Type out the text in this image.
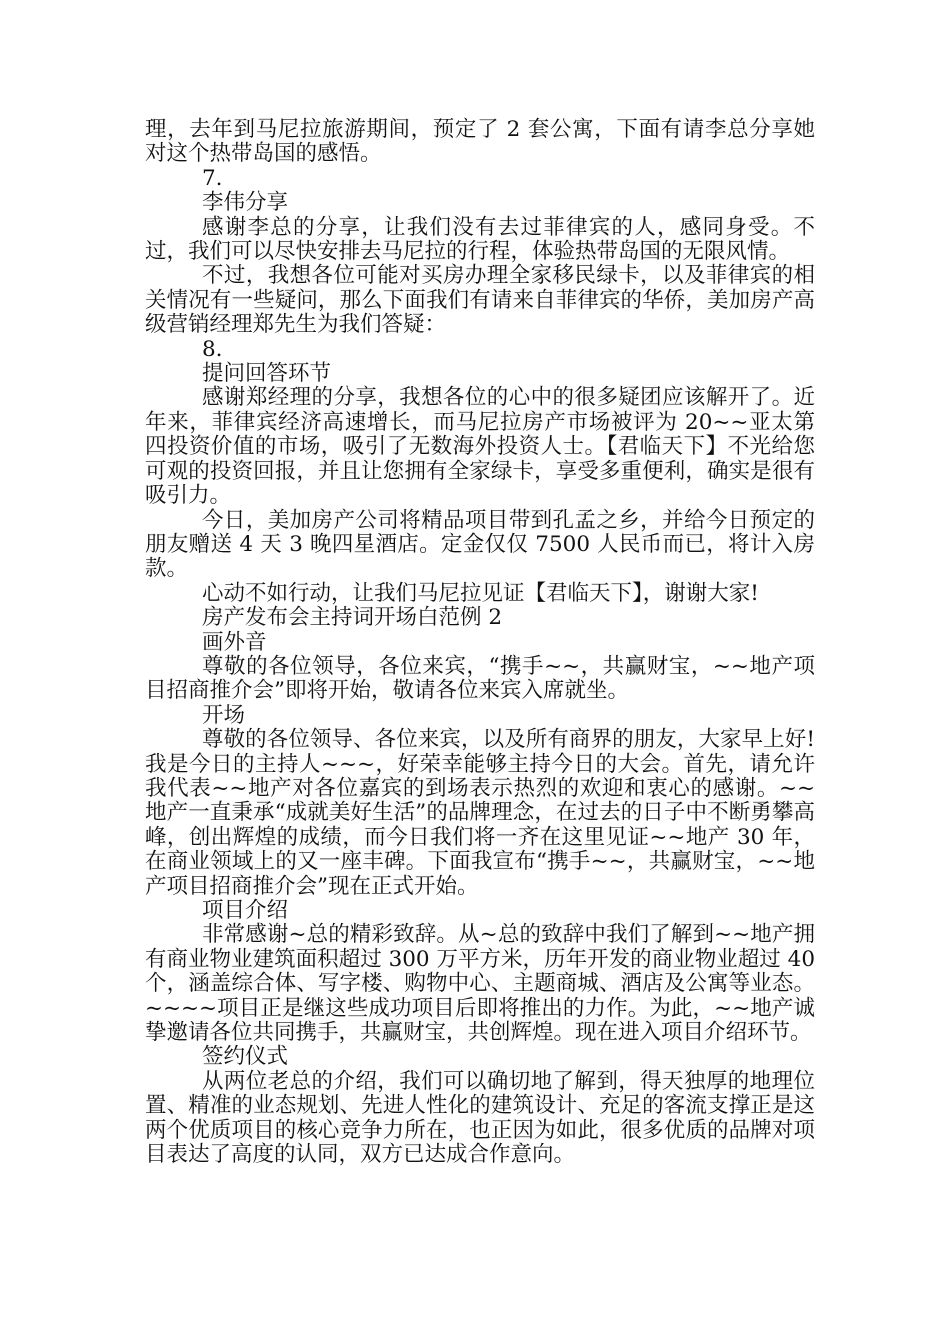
理，去年到马尼拉旅游期间，预定了 2 套公寓，下面有请李总分享她对这个热带岛国的感悟。

7.

李伟分享

感谢李总的分享，让我们没有去过菲律宾的人，感同身受。不过，我们可以尽快安排去马尼拉的行程，体验热带岛国的无限风情。

不过，我想各位可能对买房办理全家移民绿卡，以及菲律宾的相关情况有一些疑问，那么下面我们有请来自菲律宾的华侨，美加房产高级营销经理郑先生为我们答疑：

8.

提问回答环节

感谢郑经理的分享，我想各位的心中的很多疑团应该解开了。近年来，菲律宾经济高速增长，而马尼拉房产市场被评为 20~~亚太第四投资价值的市场，吸引了无数海外投资人士。【君临天下】不光给您可观的投资回报，并且让您拥有全家绿卡，享受多重便利，确实是很有吸引力。

今日，美加房产公司将精品项目带到孔孟之乡，并给今日预定的朋友赠送 4 天 3 晚四星酒店。定金仅仅 7500 人民币而已，将计入房款。

心动不如行动，让我们马尼拉见证【君临天下】，谢谢大家!

房产发布会主持词开场白范例 2

画外音

尊敬的各位领导，各位来宾，“携手~~，共赢财宝，~~地产项目招商推介会”即将开始，敬请各位来宾入席就坐。

开场

尊敬的各位领导、各位来宾，以及所有商界的朋友，大家早上好!我是今日的主持人~~~，好荣幸能够主持今日的大会。首先，请允许我代表~~地产对各位嘉宾的到场表示热烈的欢迎和衷心的感谢。~~地产一直秉承“成就美好生活”的品牌理念，在过去的日子中不断勇攀高峰，创出辉煌的成绩，而今日我们将一齐在这里见证~~地产 30 年，在商业领域上的又一座丰碑。下面我宣布“携手~~，共赢财宝，~~地产项目招商推介会”现在正式开始。

项目介绍

非常感谢~总的精彩致辞。从~总的致辞中我们了解到~~地产拥有商业物业建筑面积超过 300 万平方米，历年开发的商业物业超过 40 个，涵盖综合体、写字楼、购物中心、主题商城、酒店及公寓等业态。~~~~项目正是继这些成功项目后即将推出的力作。为此，~~地产诚挚邀请各位共同携手，共赢财宝，共创辉煌。现在进入项目介绍环节。

签约仪式

从两位老总的介绍，我们可以确切地了解到，得天独厚的地理位置、精准的业态规划、先进人性化的建筑设计、充足的客流支撑正是这两个优质项目的核心竞争力所在，也正因为如此，很多优质的品牌对项目表达了高度的认同，双方已达成合作意向。
